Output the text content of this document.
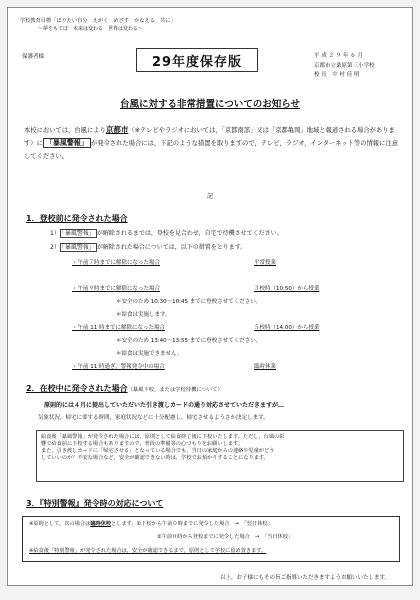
学校教育目標「ほりたい自分　えがく　めざす　かなえる　共に」
〜夢をもてば　未来は変わる　世界は変わる〜
保護者様	29年度保存版	平 成 ２ ９ 年 ６ 月
京都市立桑原第三小学校
校 長　中 村 佳 明
台風に対する非常措置についてのお知らせ
本校においては，台風により京都市（※テレビやラジオにおいては，「京都南部」又は「京都亀岡」地域と報道される場合があります）に 「暴風警報」 が発令された場合には，下記のような措置を取りますので，テレビ，ラジオ，インターネット等の情報に注意してください。
記
1．登校前に発令された場合
1） 「暴風警報」 が解除されるまでは，登校を見合わせ，自宅で待機させてください。
2） 「暴風警報」 が解除された場合については，以下の措置をとります。
・午前７時までに解除になった場合	平常授業
・午前９時までに解除になった場合	３校時（10:50）から授業
＊安全のため 10:30〜10:45 までに登校させてください。
＊給食は実施します。
・午前 11 時までに解除になった場合	５校時（14:00）から授業
＊安全のため 13:40〜13:55 までに登校させてください。
＊給食は実施できません。
・午前 11 時過ぎ，警報発令中の場合	臨時休業
2．在校中に発令された場合（暴風下校，または学校待機について）
原則的には４月に提出していただいた引き渡しカードの通り対応させていただきますが…
気象状況，帰宅に要する時間，家庭状況などに十分配慮し，帰宅させるようさか決定します。
給食後「暴風警報」が発令された場合には，原則として給食終了後に下校いたします。ただし，台風の影
響で給食前に下校する場合もありますので，普段の準備等の心づもりをお願いします。
また，引き渡しカードに「帰宅させる」となっている場合でも，当日の家庭からの連絡や児童がどう
していいのか？不安な場合など，安全が確認できない時は，学校でお預かりすることになります。
3．『特別警報』発令時の対応について
※原則として，次の場合は臨時休校とします。①下校から午前０時までに発令した場合　→　「翌日休校」
②午前０時から登校までに発令した場合　→　「当日休校」
※給食後「特別警報」が発令された場合は，安全が確認できるまで，原則として学校に留め置きます。
以上，お子様にもその旨ご指導いただきますようお願いいたします。
